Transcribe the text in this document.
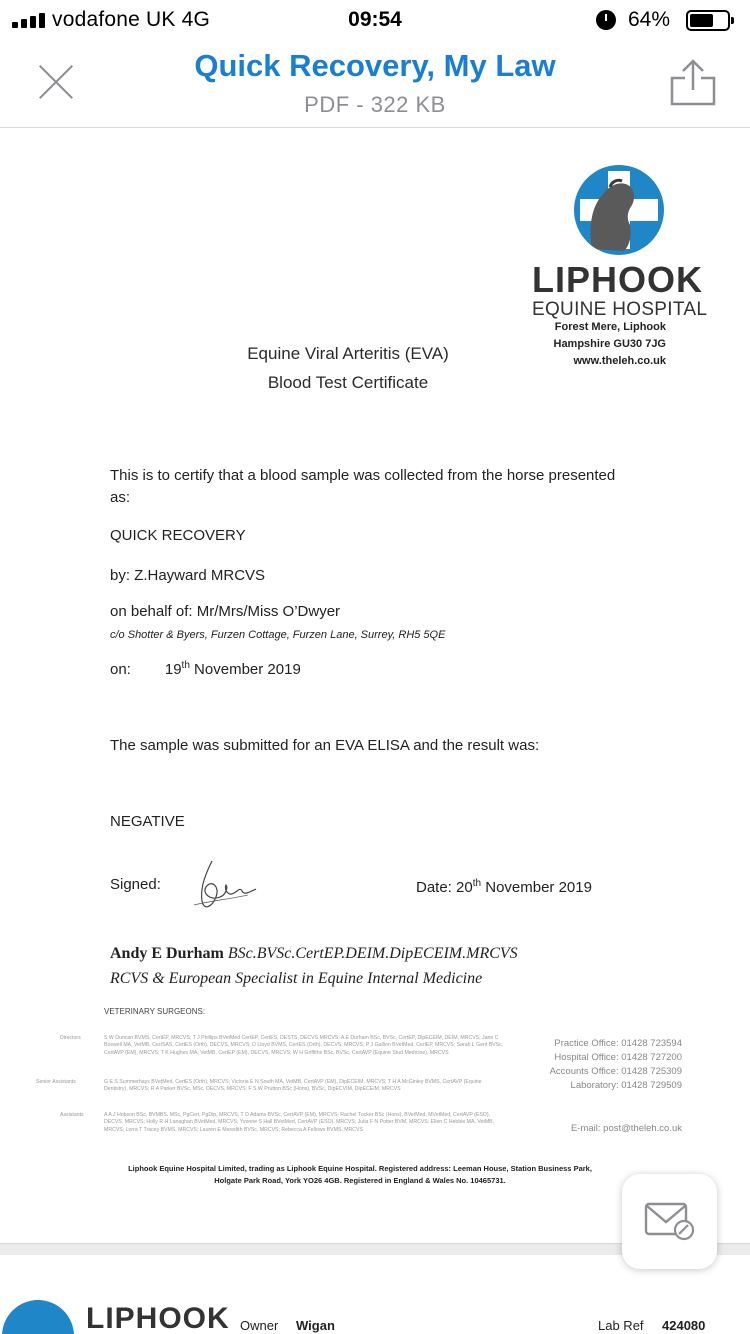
vodafone UK 4G	09:54	64%
Quick Recovery, My Law
PDF - 322 KB
LIPHOOK
EQUINE HOSPITAL
Forest Mere, Liphook
Hampshire GU30 7JG
www.theleh.co.uk
Equine Viral Arteritis (EVA)
Blood Test Certificate
This is to certify that a blood sample was collected from the horse presented as:
QUICK RECOVERY
by: Z.Hayward MRCVS
on behalf of: Mr/Mrs/Miss O’Dwyer
c/o Shotter & Byers, Furzen Cottage, Furzen Lane, Surrey, RH5 5QE
on: 19th November 2019
The sample was submitted for an EVA ELISA and the result was:
NEGATIVE
Signed:	Date: 20th November 2019
Andy E Durham BSc.BVSc.CertEP.DEIM.DipECEIM.MRCVS
RCVS & European Specialist in Equine Internal Medicine
VETERINARY SURGEONS:
Directors	S W Duncan BVMS, CertEP, MRCVS; T J Phillips BVetMed CertEP, CertES, DESTS, DECVS MRCVS; A E Durham BSc, BVSc, CertEP, DipECEIM, DEIM, MRCVS; Jane C Boswell MA, VetMB, CertSAS, CertES (Orth), DECVS, MRCVS; D Lloyd BVMS, CertES (Orth), DECVS, MRCVS; P J Gallion BVetMed, CertEP, MRCVS; Sarah L Gent BVSc, CertAVP (EM), MRCVS; T K Hughes MA, VetMB, CertEP (EM), DECVS, MRCVS; W H Griffiths BSc, BVSc, CertAVP (Equine Stud Medicine), MRCVS
Senior Assistants	G E S Summerhays BVetMed, CertES (Orth), MRCVS; Victoria E N South MA, VetMB, CertAVP (EM), DipECEIM, MRCVS; T H A McGinley BVMS, CertAVP (Equine Dentistry), MRCVS; R A Parker BVSc, MSc, DECVS, MRCVS; F S W Prutton BSc (Hons), BVSc, DipECVIM, DipECEIM, MRCVS
Assistants	A A J Hobson BSc, BVMBS, MSc, PgCert, PgDip, MRCVS; T D Adams BVSc, CertAVP (EM), MRCVS; Rachel Tucker BSc (Hons), BVetMed, MVetMed, CertAVP (ESO), DECVS, MRCVS; Holly R H Lanaghan BVetMed, MRCVS; Yvonne S Hall BVetMed, CertAVP (ESO), MRCVS; Julia F N Potter BVM, MRCVS; Ellen C Hebble MA, VetMB, MRCVS; Lorra T Tracey BVMS, MRCVS; Lauren E Meredith BVSc, MRCVS; Rebecca A Fellows BVMS, MRCVS
Practice Office: 01428 723594
Hospital Office: 01428 727200
Accounts Office: 01428 725309
Laboratory: 01428 729509
E-mail: post@theleh.co.uk
Liphook Equine Hospital Limited, trading as Liphook Equine Hospital. Registered address: Leeman House, Station Business Park,
Holgate Park Road, York YO26 4GB. Registered in England & Wales No. 10465731.
LIPHOOK Owner Wigan	Lab Ref 424080
